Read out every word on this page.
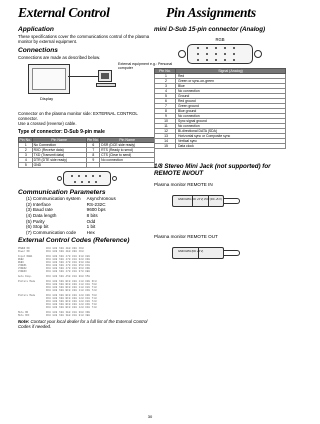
External Control	Pin Assignments
Application
These specifications cover the communications control of the plasma monitor by external equipment.
Connections
Connections are made as described below.
Display
External equipment e.g.: Personal computer
Connector on the plasma monitor side: EXTERNAL CONTROL connector.
Use a crossed (reverse) cable.
Type of connector: D-Sub 9-pin male
Pin No.	Pin Name	Pin No.	Pin Name
1	No Connection	6	DSR (DCE side ready)
2	RXD (Receive data)	7	RTS (Ready to send)
3	TXD (Transmit data)	8	CTS (Clear to send)
4	DTR (DTE side ready)	9	No connection
5	GND		
Communication Parameters
(1) Communication system	Asynchronous
(2) Interface	RS-232C
(3) Baud rate	9600 bps
(4) Data length	8 bits
(5) Parity	Odd
(6) Stop bit	1 bit
(7) Communication code	Hex
External Control Codes (Reference)
POWER ON	9FH 80H 60H 4EH 00H CDH
Power ON	DFH 80H 60H 4EH 00H CDH
Input RGB1	DFH 80H 60H 47H 01H 01H 08H
RGB2	DFH 80H 60H 47H 01H 02H 09H
RGB3	DFH 80H 60H 47H 01H 03H 0AH
VIDEO1	DFH 80H 60H 47H 01H 05H 0CH
VIDEO2	DFH 80H 60H 47H 01H 06H 0DH
VIDEO3	DFH 80H 60H 47H 01H 07H 0EH
Auto Disp.	DFH 80H 60H A5H 01H 00H 65H
Picture Mode	DFH 80H 60H BFH 02H 11H 00H 6FH
DFH 80H 60H BFH 02H 11H 01H 70H
DFH 80H 60H BFH 02H 11H 02H 71H
DFH 80H 60H BFH 02H 11H 03H 72H
Picture Mode	DFH 80H 60H BFH 02H 12H 00H 70H
DFH 80H 60H BFH 02H 12H 01H 71H
DFH 80H 60H BFH 02H 12H 02H 72H
DFH 80H 60H BFH 02H 12H 03H 73H
DFH 80H 60H BFH 02H 12H 04H 74H
Mute ON	DFH 80H 60H 3EH 01H 00H 3DH
Mute OFF	DFH 80H 60H 3EH 01H 01H 3EH
Note: Contact your local dealer for a full list of the External Control Codes if needed.
mini D-Sub 15-pin connector (Analog)
RGB
Pin No.	Signal (Analog)
1	Red
2	Green or sync-on-green
3	Blue
4	No connection
5	Ground
6	Red ground
7	Green ground
8	Blue ground
9	No connection
10	Sync signal ground
11	No connection
12	Bi-directional DATA (SDA)
13	Horizontal sync or Composite sync
14	Vertical sync
15	Data clock
1/8 Stereo Mini Jack (not supported) for REMOTE IN/OUT
Plasma monitor REMOTE IN
GND DATA (DC +5 V) VCC (DC +5 V)
Plasma monitor REMOTE OUT
GND DATA (DC +5 V)
30
